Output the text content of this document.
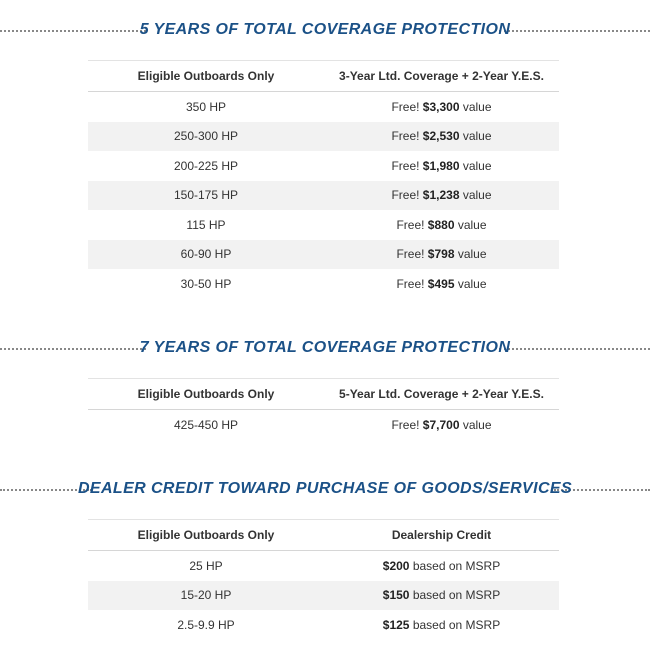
5 YEARS OF TOTAL COVERAGE PROTECTION
Eligible Outboards Only	3-Year Ltd. Coverage + 2-Year Y.E.S.
350 HP	Free! $3,300 value
250-300 HP	Free! $2,530 value
200-225 HP	Free! $1,980 value
150-175 HP	Free! $1,238 value
115 HP	Free! $880 value
60-90 HP	Free! $798 value
30-50 HP	Free! $495 value
7 YEARS OF TOTAL COVERAGE PROTECTION
Eligible Outboards Only	5-Year Ltd. Coverage + 2-Year Y.E.S.
425-450 HP	Free! $7,700 value
DEALER CREDIT TOWARD PURCHASE OF GOODS/SERVICES
Eligible Outboards Only	Dealership Credit
25 HP	$200 based on MSRP
15-20 HP	$150 based on MSRP
2.5-9.9 HP	$125 based on MSRP
